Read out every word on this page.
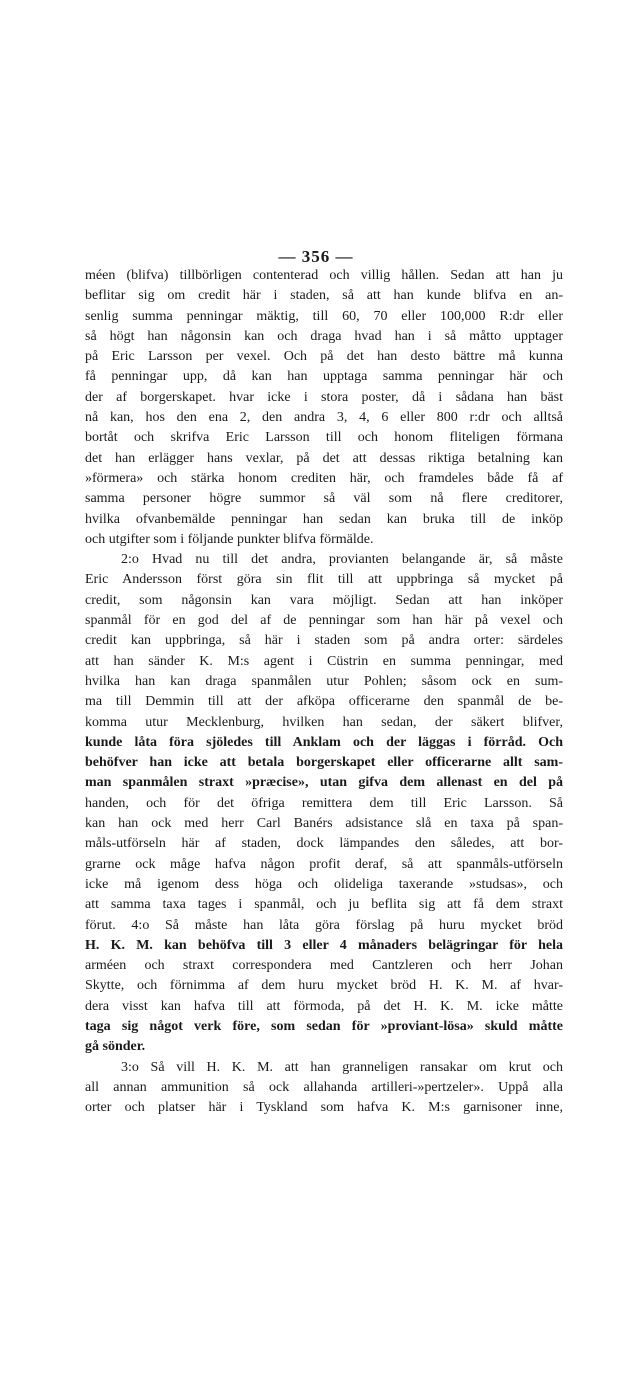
— 356 —
méen (blifva) tillbörligen contenterad och villig hållen. Sedan att han ju
beflitar sig om credit här i staden, så att han kunde blifva en an-
senlig summa penningar mäktig, till 60, 70 eller 100,000 R:dr eller
så högt han någonsin kan och draga hvad han i så måtto upptager
på Eric Larsson per vexel. Och på det han desto bättre må kunna
få penningar upp, då kan han upptaga samma penningar här och
der af borgerskapet. hvar icke i stora poster, då i sådana han bäst
nå kan, hos den ena 2, den andra 3, 4, 6 eller 800 r:dr och alltså
bortåt och skrifva Eric Larsson till och honom fliteligen förmana
det han erlägger hans vexlar, på det att dessas riktiga betalning kan
»förmera» och stärka honom crediten här, och framdeles både få af
samma personer högre summor så väl som nå flere creditorer,
hvilka ofvanbemälde penningar han sedan kan bruka till de inköp
och utgifter som i följande punkter blifva förmälde.
2:o Hvad nu till det andra, provianten belangande är, så måste
Eric Andersson först göra sin flit till att uppbringa så mycket på
credit, som någonsin kan vara möjligt. Sedan att han inköper
spanmål för en god del af de penningar som han här på vexel och
credit kan uppbringa, så här i staden som på andra orter: särdeles
att han sänder K. M:s agent i Cüstrin en summa penningar, med
hvilka han kan draga spanmålen utur Pohlen; såsom ock en sum-
ma till Demmin till att der afköpa officerarne den spanmål de be-
komma utur Mecklenburg, hvilken han sedan, der säkert blifver,
kunde låta föra sjöledes till Anklam och der läggas i förråd. Och
behöfver han icke att betala borgerskapet eller officerarne allt sam-
man spanmålen straxt »præcise», utan gifva dem allenast en del på
handen, och för det öfriga remittera dem till Eric Larsson. Så
kan han ock med herr Carl Banérs adsistance slå en taxa på span-
måls-utförseln här af staden, dock lämpandes den således, att bor-
grarne ock måge hafva någon profit deraf, så att spanmåls-utförseln
icke må igenom dess höga och olideliga taxerande »studsas», och
att samma taxa tages i spanmål, och ju beflita sig att få dem straxt
förut. 4:o Så måste han låta göra förslag på huru mycket bröd
H. K. M. kan behöfva till 3 eller 4 månaders belägringar för hela
arméen och straxt correspondera med Cantzleren och herr Johan
Skytte, och förnimma af dem huru mycket bröd H. K. M. af hvar-
dera visst kan hafva till att förmoda, på det H. K. M. icke måtte
taga sig något verk före, som sedan för »proviant-lösa» skuld måtte
gå sönder.
3:o Så vill H. K. M. att han granneligen ransakar om krut och
all annan ammunition så ock allahanda artilleri-»pertzeler». Uppå alla
orter och platser här i Tyskland som hafva K. M:s garnisoner inne,
